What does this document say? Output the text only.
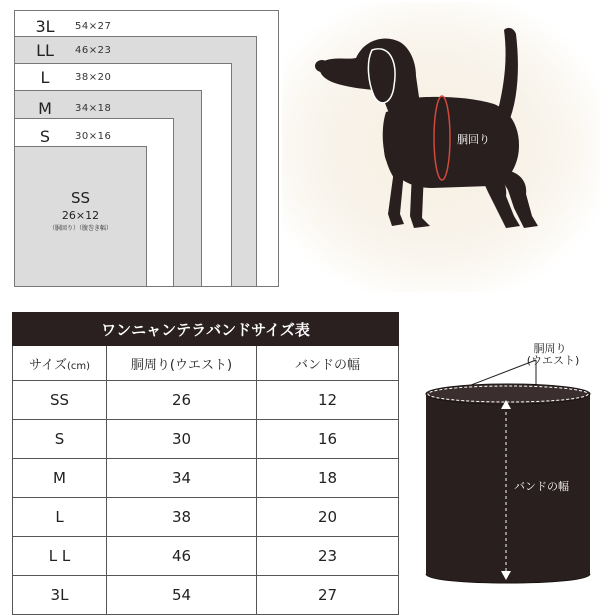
3L	54×27
LL	46×23
L	38×20
M	34×18
S	30×16
SS
26×12
（胴回り）（腹巻き幅）
胴回り
ワンニャンテラバンドサイズ表		
サイズ(cm)	胴周り(ウエスト)	バンドの幅
SS	26	12
S	30	16
M	34	18
L	38	20
L L	46	23
3L	54	27
胴周り
(ウエスト)
バンドの幅
